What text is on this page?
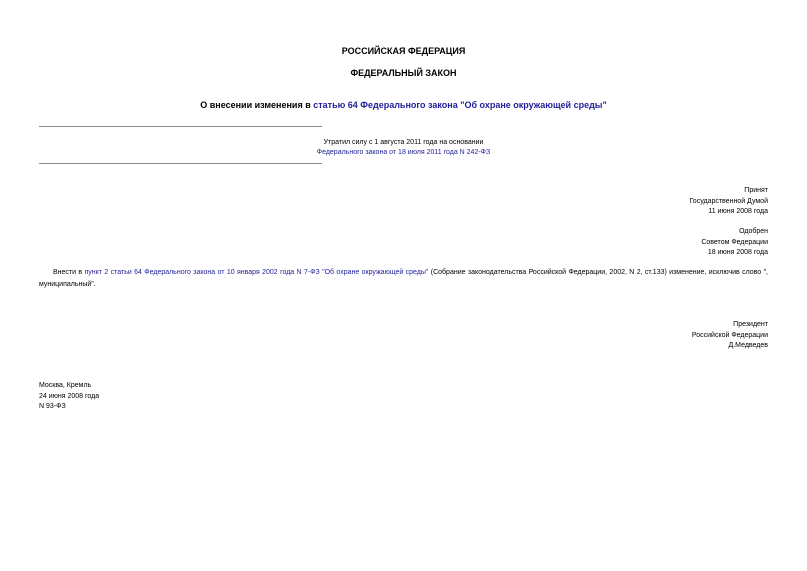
РОССИЙСКАЯ ФЕДЕРАЦИЯ
ФЕДЕРАЛЬНЫЙ ЗАКОН
О внесении изменения в статью 64 Федерального закона "Об охране окружающей среды"
Утратил силу с 1 августа 2011 года на основании
Федерального закона от 18 июля 2011 года N 242-ФЗ
Принят
Государственной Думой
11 июня 2008 года
Одобрен
Советом Федерации
18 июня 2008 года
Внести в пункт 2 статьи 64 Федерального закона от 10 января 2002 года N 7-ФЗ "Об охране окружающей среды" (Собрание законодательства Российской Федерации, 2002, N 2, ст.133) изменение, исключив слово ", муниципальный".
Президент
Российской Федерации
Д.Медведев
Москва, Кремль
24 июня 2008 года
N 93-ФЗ
